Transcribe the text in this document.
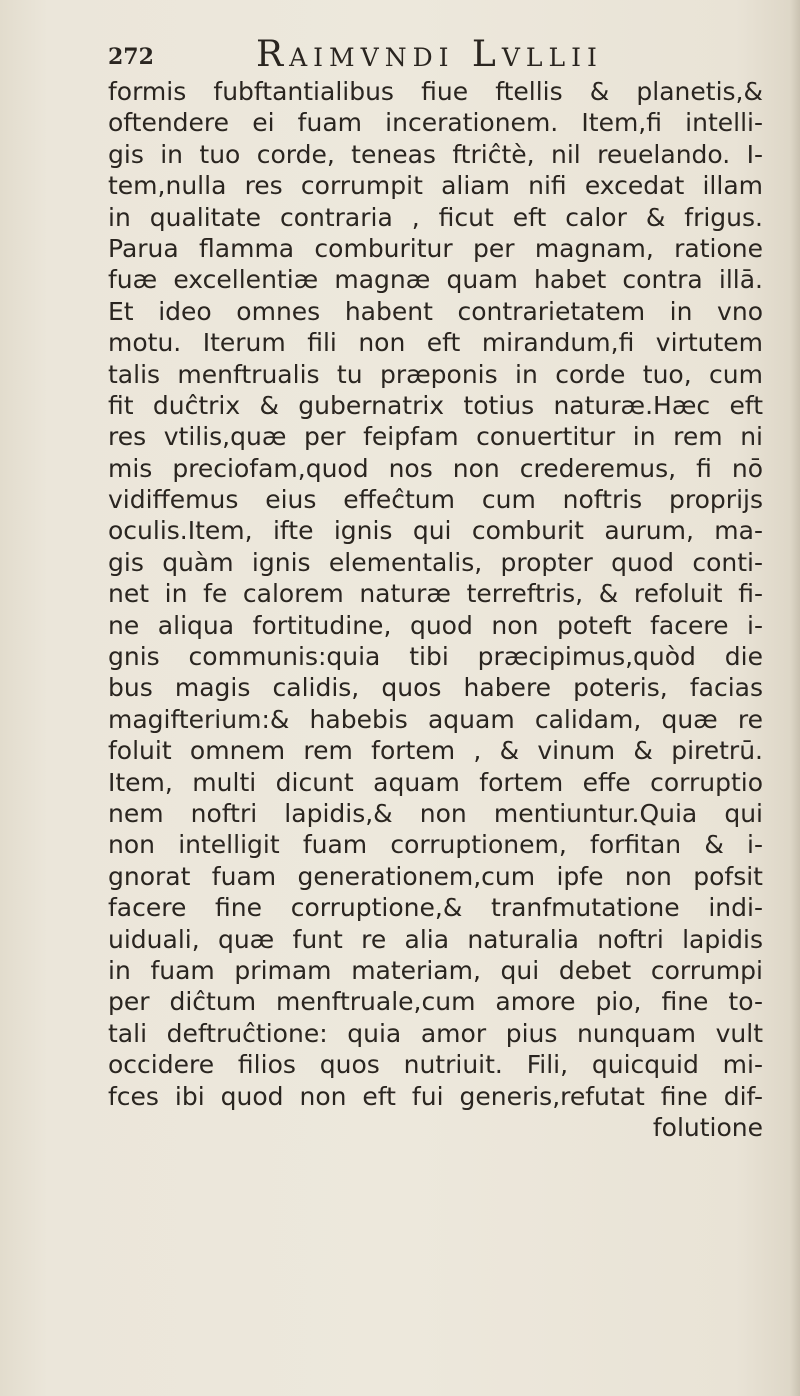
272	Raimvndi Lvllii
formis fubftantialibus fiue ftellis & planetis,&
oftendere ei fuam incerationem. Item,fi intelli-
gis in tuo corde, teneas ftriĉtè, nil reuelando. I-
tem,nulla res corrumpit aliam nifi excedat illam
in qualitate contraria , ficut eft calor & frigus.
Parua flamma comburitur per magnam, ratione
fuæ excellentiæ magnæ quam habet contra illā.
Et ideo omnes habent contrarietatem in vno
motu. Iterum fili non eft mirandum,fi virtutem
talis menftrualis tu præponis in corde tuo, cum
fit duĉtrix & gubernatrix totius naturæ.Hæc eft
res vtilis,quæ per feipfam conuertitur in rem ni
mis preciofam,quod nos non crederemus, fi nō
vidiffemus eius effeĉtum cum noftris proprijs
oculis.Item, ifte ignis qui comburit aurum, ma-
gis quàm ignis elementalis, propter quod conti-
net in fe calorem naturæ terreftris, & refoluit fi-
ne aliqua fortitudine, quod non poteft facere i-
gnis communis:quia tibi præcipimus,quòd die
bus magis calidis, quos habere poteris, facias
magifterium:& habebis aquam calidam, quæ re
foluit omnem rem fortem , & vinum & piretrū.
Item, multi dicunt aquam fortem effe corruptio
nem noftri lapidis,& non mentiuntur.Quia qui
non intelligit fuam corruptionem, forfitan & i-
gnorat fuam generationem,cum ipfe non pofsit
facere fine corruptione,& tranfmutatione indi-
uiduali, quæ funt re alia naturalia noftri lapidis
in fuam primam materiam, qui debet corrumpi
per diĉtum menftruale,cum amore pio, fine to-
tali deftruĉtione: quia amor pius nunquam vult
occidere filios quos nutriuit. Fili, quicquid mi-
fces ibi quod non eft fui generis,refutat fine dif-
folutione
